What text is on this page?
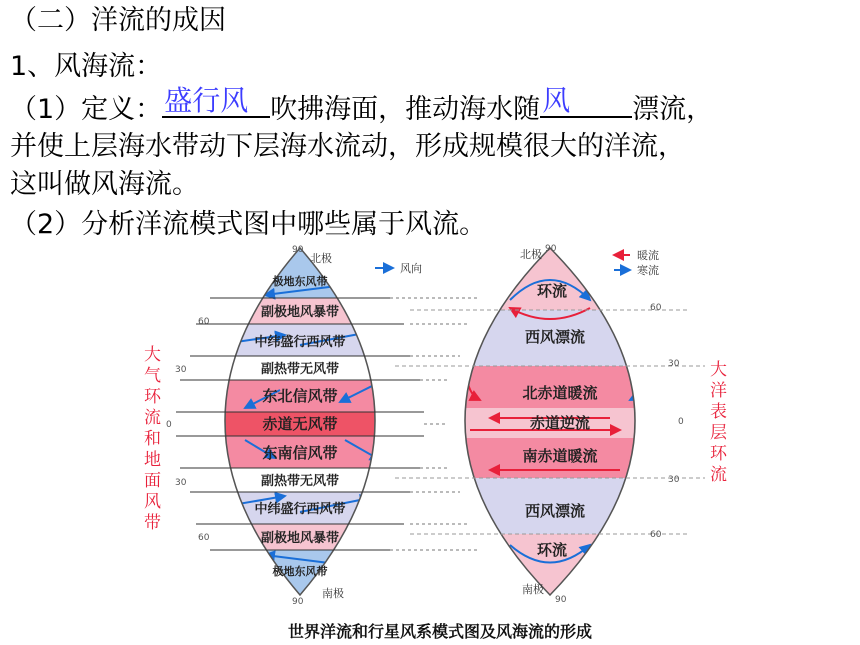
（二）洋流的成因
1、风海流：
（1）定义： 盛行风 吹拂海面，推动海水随 风 漂流，
并使上层海水带动下层海水流动，形成规模很大的洋流，
这叫做风海流。
（2）分析洋流模式图中哪些属于风流。
极地东风带
副极地风暴带
中纬盛行西风带
副热带无风带
东北信风带
赤道无风带
东南信风带
副热带无风带
中纬盛行西风带
副极地风暴带
极地东风带
环流
西风漂流
北赤道暖流
赤道逆流
南赤道暖流
西风漂流
环流
90
60
30
0
30
60
90
90
60
30
0
30
60
90
北极
南极
北极
南极
风向
暖流
寒流
大气环流和地面风带	大洋表层环流
世界洋流和行星风系模式图及风海流的形成
